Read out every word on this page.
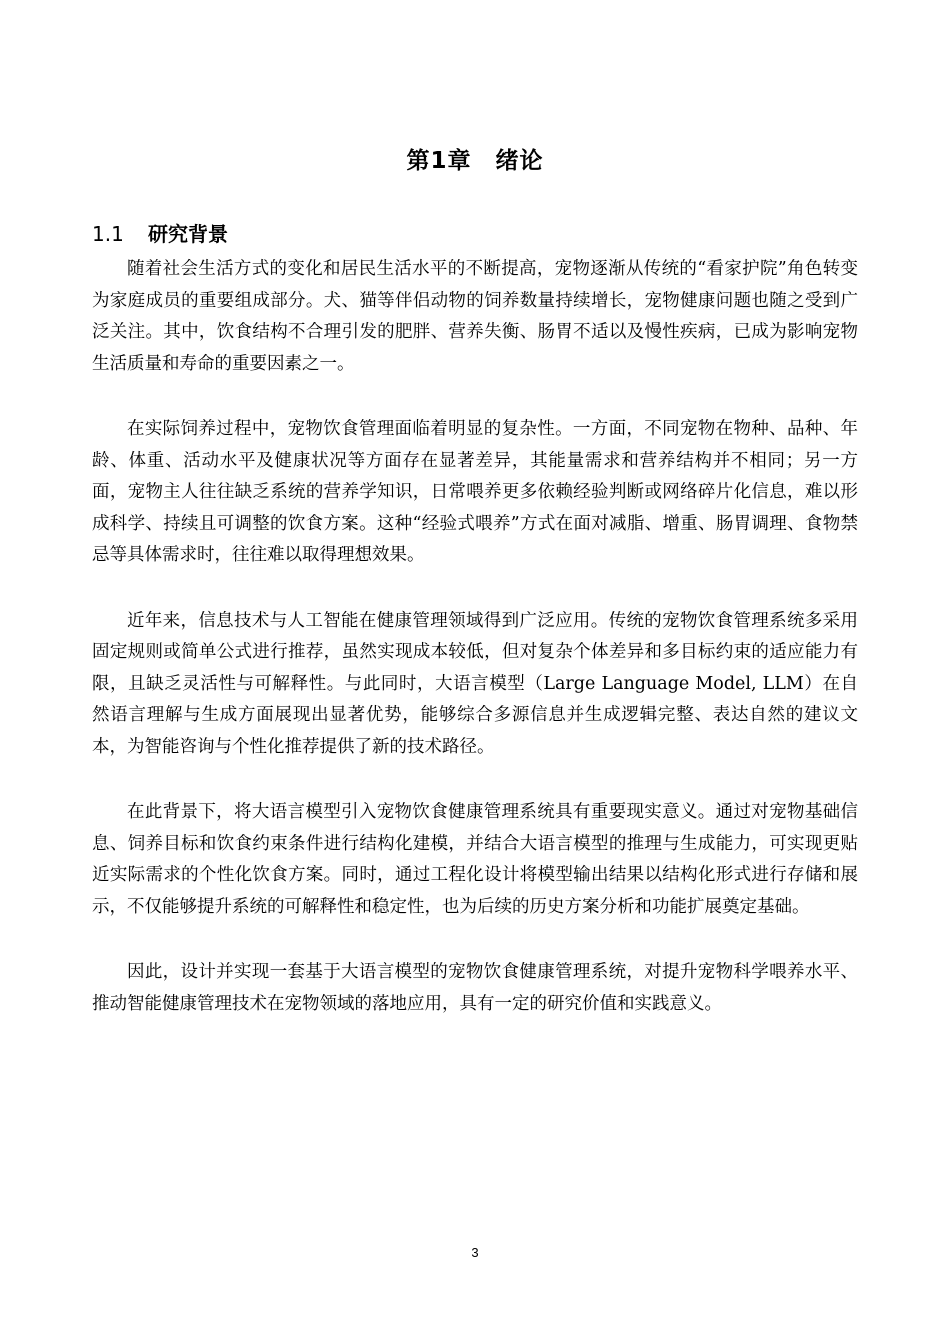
第1章　绪论
1.1 研究背景

随着社会生活方式的变化和居民生活水平的不断提高，宠物逐渐从传统的“看家护院”角色转变为家庭成员的重要组成部分。犬、猫等伴侣动物的饲养数量持续增长，宠物健康问题也随之受到广泛关注。其中，饮食结构不合理引发的肥胖、营养失衡、肠胃不适以及慢性疾病，已成为影响宠物生活质量和寿命的重要因素之一。

在实际饲养过程中，宠物饮食管理面临着明显的复杂性。一方面，不同宠物在物种、品种、年龄、体重、活动水平及健康状况等方面存在显著差异，其能量需求和营养结构并不相同；另一方面，宠物主人往往缺乏系统的营养学知识，日常喂养更多依赖经验判断或网络碎片化信息，难以形成科学、持续且可调整的饮食方案。这种“经验式喂养”方式在面对减脂、增重、肠胃调理、食物禁忌等具体需求时，往往难以取得理想效果。

近年来，信息技术与人工智能在健康管理领域得到广泛应用。传统的宠物饮食管理系统多采用固定规则或简单公式进行推荐，虽然实现成本较低，但对复杂个体差异和多目标约束的适应能力有限，且缺乏灵活性与可解释性。与此同时，大语言模型（Large Language Model, LLM）在自然语言理解与生成方面展现出显著优势，能够综合多源信息并生成逻辑完整、表达自然的建议文本，为智能咨询与个性化推荐提供了新的技术路径。

在此背景下，将大语言模型引入宠物饮食健康管理系统具有重要现实意义。通过对宠物基础信息、饲养目标和饮食约束条件进行结构化建模，并结合大语言模型的推理与生成能力，可实现更贴近实际需求的个性化饮食方案。同时，通过工程化设计将模型输出结果以结构化形式进行存储和展示，不仅能够提升系统的可解释性和稳定性，也为后续的历史方案分析和功能扩展奠定基础。

因此，设计并实现一套基于大语言模型的宠物饮食健康管理系统，对提升宠物科学喂养水平、推动智能健康管理技术在宠物领域的落地应用，具有一定的研究价值和实践意义。

3
